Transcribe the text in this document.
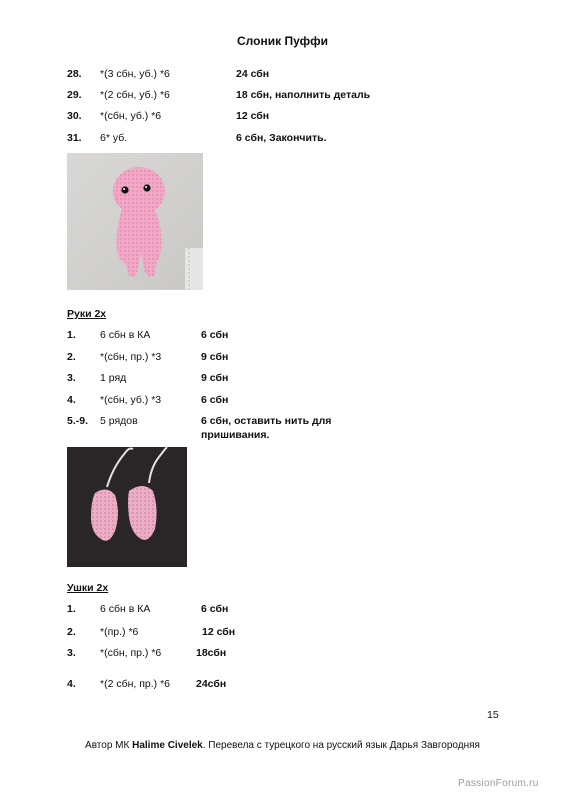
Слоник Пуффи
28. *(3 сбн, уб.) *6	24 сбн
29. *(2 сбн, уб.) *6	18 сбн, наполнить деталь
30. *(сбн, уб.) *6	12 сбн
31. 6* уб.	6 сбн, Закончить.
Руки 2х
1. 6 сбн в КА	6 сбн
2. *(сбн, пр.) *3	9 сбн
3. 1 ряд	9 сбн
4. *(сбн, уб.) *3	6 сбн
5.-9. 5 рядов	6 сбн, оставить нить для
пришивания.
Ушки 2х
1. 6 сбн в КА	6 сбн
2. *(пр.) *6	12 сбн
3. *(сбн, пр.) *6	18сбн
4. *(2 сбн, пр.) *6 24сбн
15
Автор МК Halime Civelek. Перевела с турецкого на русский язык Дарья Завгородняя
PassionForum.ru
